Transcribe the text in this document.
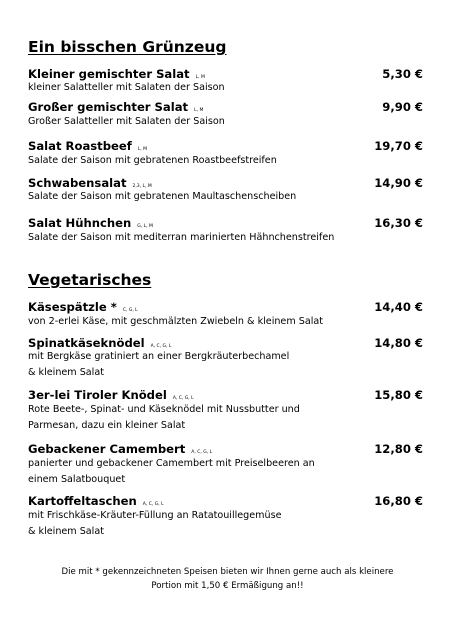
Ein bisschen Grünzeug
Kleiner gemischter Salat L, M	5,30 €
kleiner Salatteller mit Salaten der Saison
Großer gemischter Salat L, M	9,90 €
Großer Salatteller mit Salaten der Saison
Salat Roastbeef L, M	19,70 €
Salate der Saison mit gebratenen Roastbeefstreifen
Schwabensalat 2,3, L, M	14,90 €
Salate der Saison mit gebratenen Maultaschenscheiben
Salat Hühnchen G, L, M	16,30 €
Salate der Saison mit mediterran marinierten Hähnchenstreifen
Vegetarisches
Käsespätzle * C, G, L	14,40 €
von 2-erlei Käse, mit geschmälzten Zwiebeln & kleinem Salat
Spinatkäseknödel A, C, G, L	14,80 €
mit Bergkäse gratiniert an einer Bergkräuterbechamel
& kleinem Salat
3er-lei Tiroler Knödel A, C, G, L	15,80 €
Rote Beete-, Spinat- und Käseknödel mit Nussbutter und
Parmesan, dazu ein kleiner Salat
Gebackener Camembert A, C, G, L	12,80 €
panierter und gebackener Camembert mit Preiselbeeren an
einem Salatbouquet
Kartoffeltaschen A, C, G, L	16,80 €
mit Frischkäse-Kräuter-Füllung an Ratatouillegemüse
& kleinem Salat
Die mit * gekennzeichneten Speisen bieten wir Ihnen gerne auch als kleinere
Portion mit 1,50 € Ermäßigung an!!
